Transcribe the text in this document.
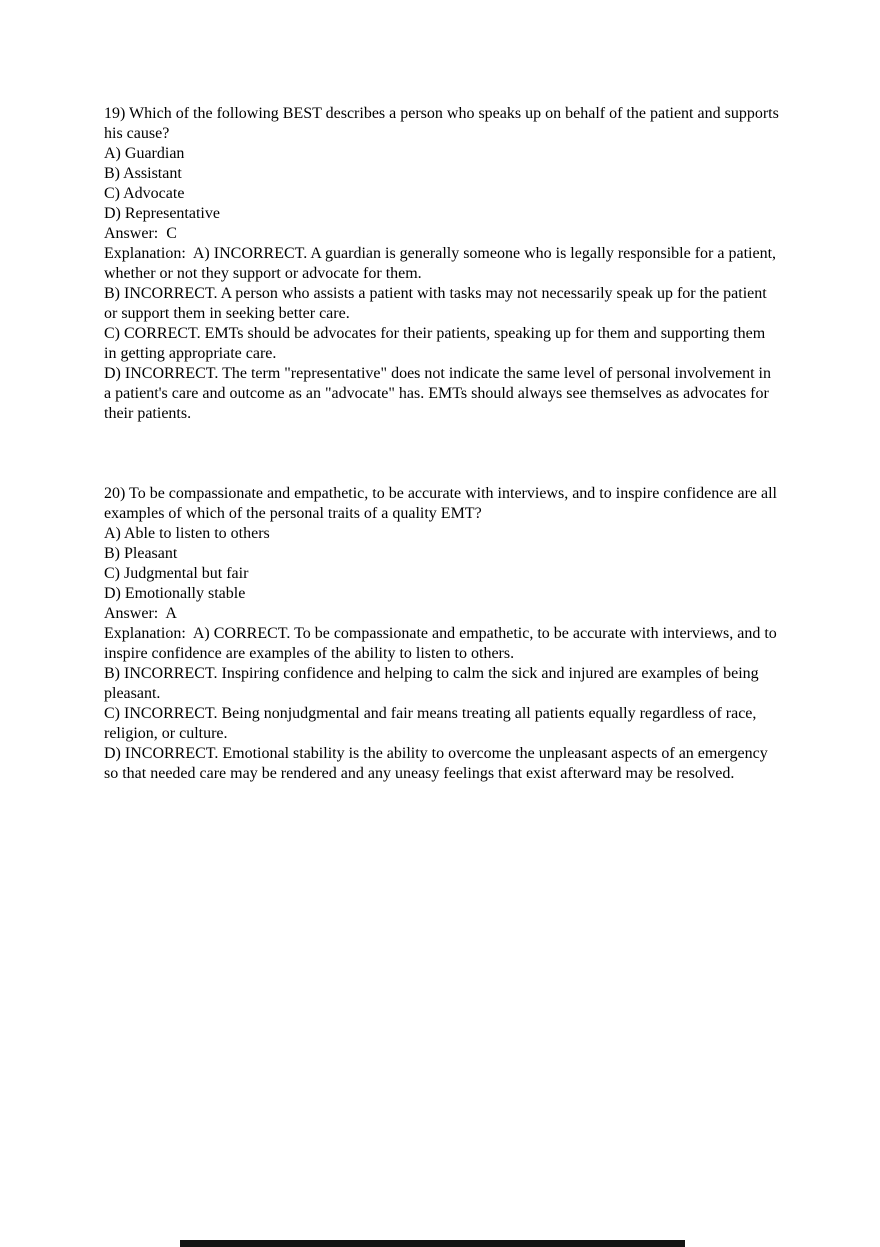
19) Which of the following BEST describes a person who speaks up on behalf of the patient and supports his cause?

A) Guardian

B) Assistant

C) Advocate

D) Representative

Answer:  C

Explanation:  A) INCORRECT. A guardian is generally someone who is legally responsible for a patient, whether or not they support or advocate for them.

B) INCORRECT. A person who assists a patient with tasks may not necessarily speak up for the patient or support them in seeking better care.

C) CORRECT. EMTs should be advocates for their patients, speaking up for them and supporting them in getting appropriate care.

D) INCORRECT. The term "representative" does not indicate the same level of personal involvement in a patient's care and outcome as an "advocate" has. EMTs should always see themselves as advocates for their patients.

20) To be compassionate and empathetic, to be accurate with interviews, and to inspire confidence are all examples of which of the personal traits of a quality EMT?

A) Able to listen to others

B) Pleasant

C) Judgmental but fair

D) Emotionally stable

Answer:  A

Explanation:  A) CORRECT. To be compassionate and empathetic, to be accurate with interviews, and to inspire confidence are examples of the ability to listen to others.

B) INCORRECT. Inspiring confidence and helping to calm the sick and injured are examples of being pleasant.

C) INCORRECT. Being nonjudgmental and fair means treating all patients equally regardless of race, religion, or culture.

D) INCORRECT. Emotional stability is the ability to overcome the unpleasant aspects of an emergency so that needed care may be rendered and any uneasy feelings that exist afterward may be resolved.
